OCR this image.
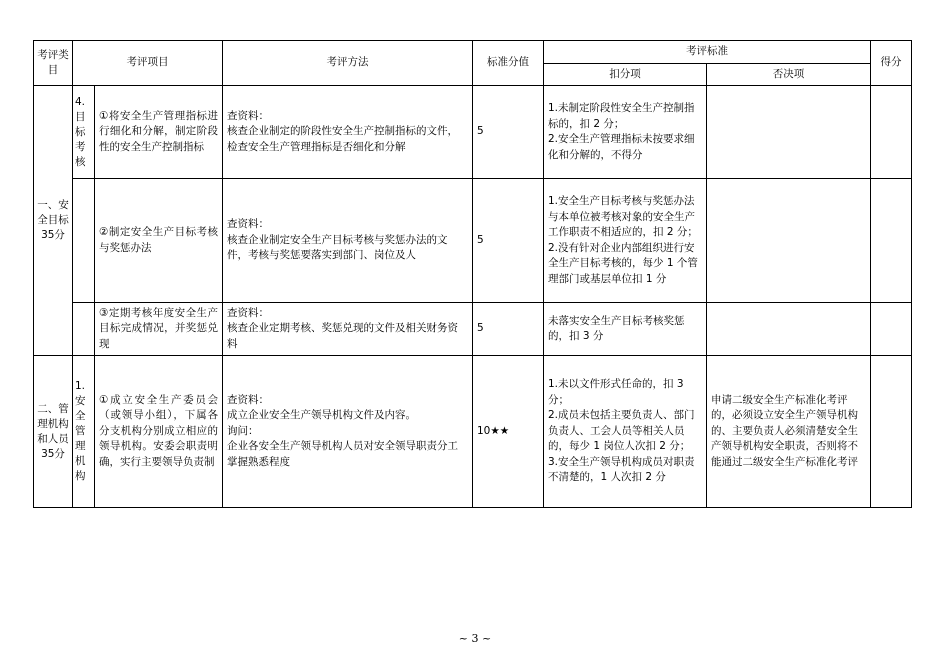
考评类目	考评项目		考评方法	标准分值	考评标准		得分
					扣分项	否决项	
一、安全目标35分	4.目标考核	①将安全生产管理指标进行细化和分解，制定阶段性的安全生产控制指标	查资料：
核查企业制定的阶段性安全生产控制指标的文件，检查安全生产管理指标是否细化和分解	5	1.未制定阶段性安全生产控制指标的，扣 2 分；
2.安全生产管理指标未按要求细化和分解的，不得分		
		②制定安全生产目标考核与奖惩办法	查资料：
核查企业制定安全生产目标考核与奖惩办法的文件，考核与奖惩要落实到部门、岗位及人	5	1.安全生产目标考核与奖惩办法与本单位被考核对象的安全生产工作职责不相适应的，扣 2 分；
2.没有针对企业内部组织进行安全生产目标考核的，每少 1 个管理部门或基层单位扣 1 分		
		③定期考核年度安全生产目标完成情况，并奖惩兑现	查资料：
核查企业定期考核、奖惩兑现的文件及相关财务资料	5	未落实安全生产目标考核奖惩的，扣 3 分		
二、管理机构和人员35分	1.安全管理机构	①成立安全生产委员会（或领导小组），下属各分支机构分别成立相应的领导机构。安委会职责明确，实行主要领导负责制	查资料：
成立企业安全生产领导机构文件及内容。
询问：
企业各安全生产领导机构人员对安全领导职责分工掌握熟悉程度	10★★	1.未以文件形式任命的，扣 3 分；
2.成员未包括主要负责人、部门负责人、工会人员等相关人员的，每少 1 岗位人次扣 2 分；
3.安全生产领导机构成员对职责不清楚的，1 人次扣 2 分	申请二级安全生产标准化考评的，必须设立安全生产领导机构的、主要负责人必须清楚安全生产领导机构安全职责，否则将不能通过二级安全生产标准化考评	
~ 3 ~
